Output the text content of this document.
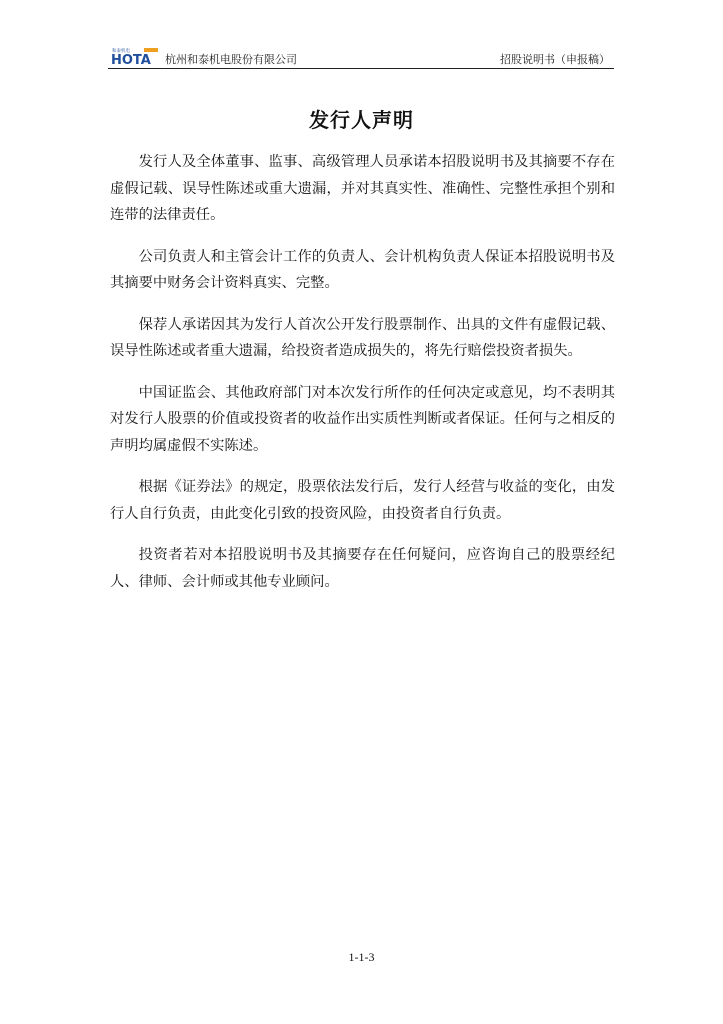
和泰机电
HOTA 杭州和泰机电股份有限公司	招股说明书（申报稿）
发行人声明

发行人及全体董事、监事、高级管理人员承诺本招股说明书及其摘要不存在虚假记载、误导性陈述或重大遗漏，并对其真实性、准确性、完整性承担个别和连带的法律责任。

公司负责人和主管会计工作的负责人、会计机构负责人保证本招股说明书及其摘要中财务会计资料真实、完整。

保荐人承诺因其为发行人首次公开发行股票制作、出具的文件有虚假记载、误导性陈述或者重大遗漏，给投资者造成损失的，将先行赔偿投资者损失。

中国证监会、其他政府部门对本次发行所作的任何决定或意见，均不表明其对发行人股票的价值或投资者的收益作出实质性判断或者保证。任何与之相反的声明均属虚假不实陈述。

根据《证券法》的规定，股票依法发行后，发行人经营与收益的变化，由发行人自行负责，由此变化引致的投资风险，由投资者自行负责。

投资者若对本招股说明书及其摘要存在任何疑问，应咨询自己的股票经纪人、律师、会计师或其他专业顾问。

1-1-3
